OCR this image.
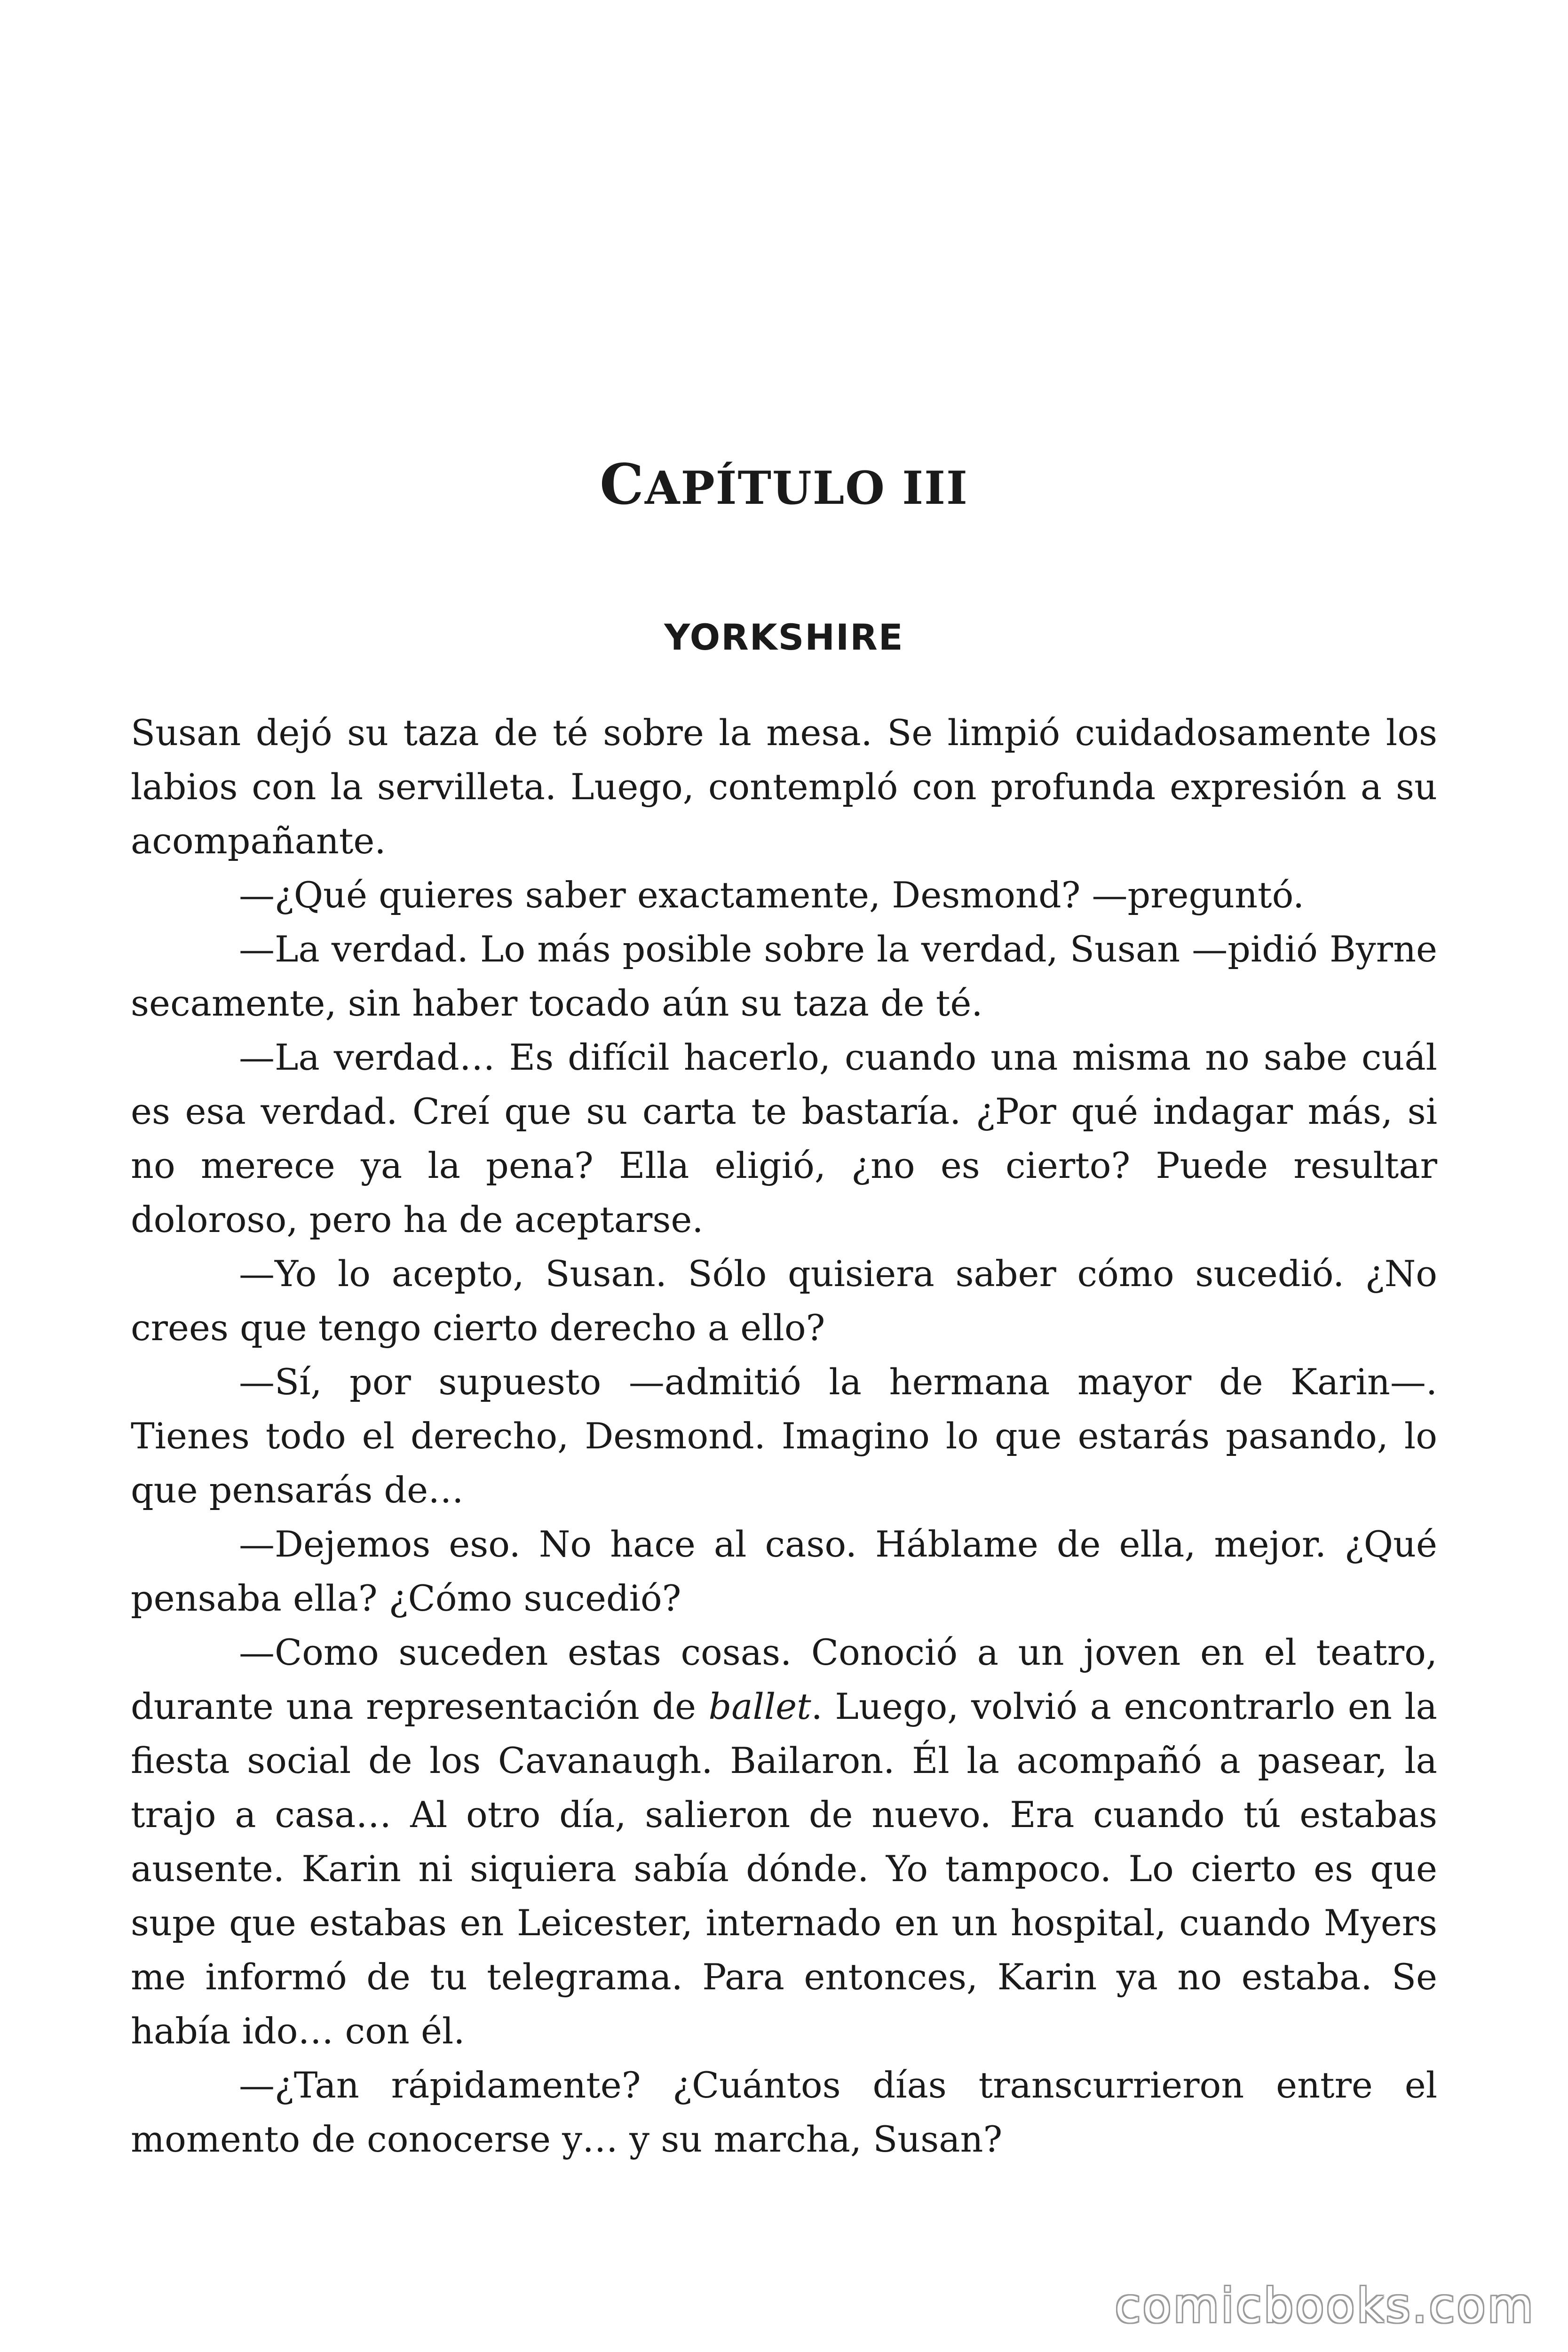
CAPÍTULO III
YORKSHIRE

Susan dejó su taza de té sobre la mesa. Se limpió cuidadosamente los labios con la servilleta. Luego, contempló con profunda expresión a su acompañante.

—¿Qué quieres saber exactamente, Desmond? —preguntó.

—La verdad. Lo más posible sobre la verdad, Susan —pidió Byrne secamente, sin haber tocado aún su taza de té.

—La verdad… Es difícil hacerlo, cuando una misma no sabe cuál es esa verdad. Creí que su carta te bastaría. ¿Por qué indagar más, si no merece ya la pena? Ella eligió, ¿no es cierto? Puede resultar doloroso, pero ha de aceptarse.

—Yo lo acepto, Susan. Sólo quisiera saber cómo sucedió. ¿No crees que tengo cierto derecho a ello?

—Sí, por supuesto —admitió la hermana mayor de Karin—. Tienes todo el derecho, Desmond. Imagino lo que estarás pasando, lo que pensarás de…

—Dejemos eso. No hace al caso. Háblame de ella, mejor. ¿Qué pensaba ella? ¿Cómo sucedió?

—Como suceden estas cosas. Conoció a un joven en el teatro, durante una representación de ballet. Luego, volvió a encontrarlo en la fiesta social de los Cavanaugh. Bailaron. Él la acompañó a pasear, la trajo a casa… Al otro día, salieron de nuevo. Era cuando tú estabas ausente. Karin ni siquiera sabía dónde. Yo tampoco. Lo cierto es que supe que estabas en Leicester, internado en un hospital, cuando Myers me informó de tu telegrama. Para entonces, Karin ya no estaba. Se había ido… con él.

—¿Tan rápidamente? ¿Cuántos días transcurrieron entre el momento de conocerse y… y su marcha, Susan?

comicbooks.com
